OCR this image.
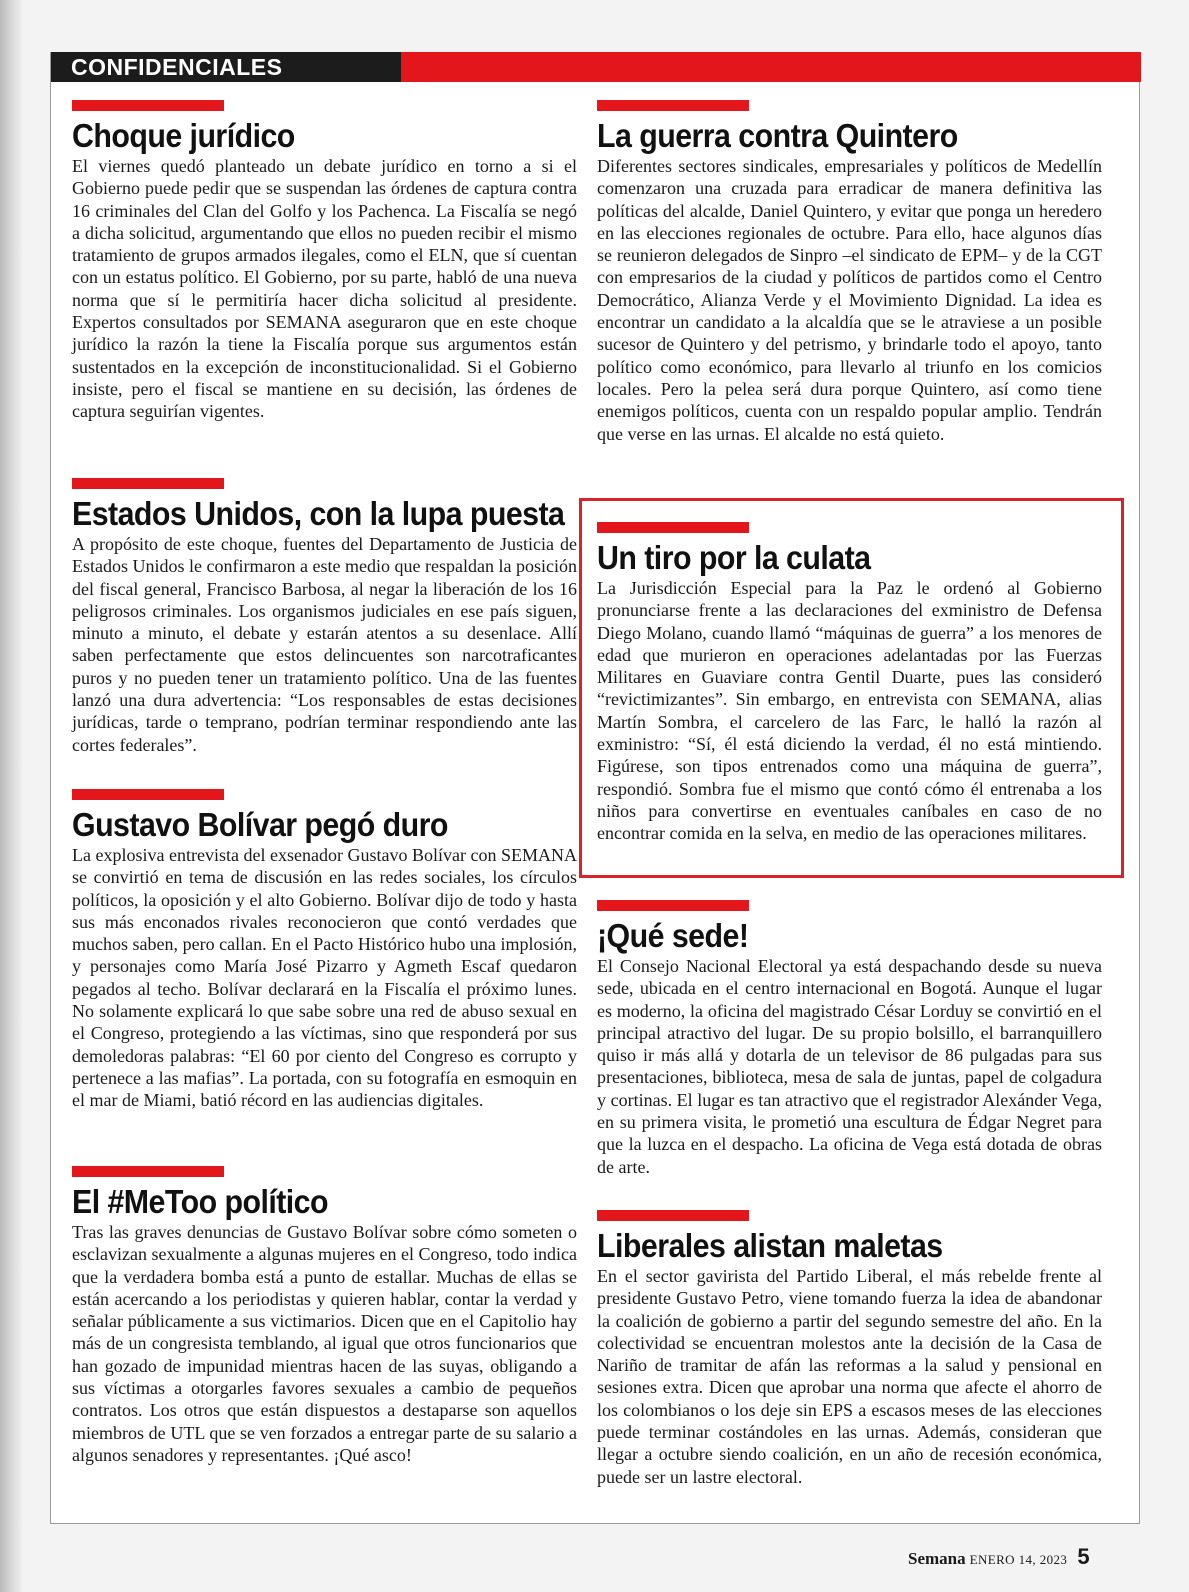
CONFIDENCIALES
Choque jurídico

El viernes quedó planteado un debate jurídico en torno a si el Gobierno puede pedir que se suspendan las órdenes de captura contra 16 criminales del Clan del Golfo y los Pachenca. La Fiscalía se negó a dicha solicitud, argumentando que ellos no pueden recibir el mismo tratamiento de grupos armados ilegales, como el ELN, que sí cuentan con un estatus político. El Gobierno, por su parte, habló de una nueva norma que sí le permitiría hacer dicha solicitud al presidente. Expertos consultados por SEMANA aseguraron que en este choque jurídico la razón la tiene la Fiscalía porque sus argumentos están sustentados en la excepción de inconstitucionalidad. Si el Gobierno insiste, pero el fiscal se mantiene en su decisión, las órdenes de captura seguirían vigentes.

Estados Unidos, con la lupa puesta

A propósito de este choque, fuentes del Departamento de Justicia de Estados Unidos le confirmaron a este medio que respaldan la posición del fiscal general, Francisco Barbosa, al negar la liberación de los 16 peligrosos criminales. Los organismos judiciales en ese país siguen, minuto a minuto, el debate y estarán atentos a su desenlace. Allí saben perfectamente que estos delincuentes son narcotraficantes puros y no pueden tener un tratamiento político. Una de las fuentes lanzó una dura advertencia: “Los responsables de estas decisiones jurídicas, tarde o temprano, podrían terminar respondiendo ante las cortes federales”.

Gustavo Bolívar pegó duro

La explosiva entrevista del exsenador Gustavo Bolívar con SEMANA se convirtió en tema de discusión en las redes sociales, los círculos políticos, la oposición y el alto Gobierno. Bolívar dijo de todo y hasta sus más enconados rivales reconocieron que contó verdades que muchos saben, pero callan. En el Pacto Histórico hubo una implosión, y personajes como María José Pizarro y Agmeth Escaf quedaron pegados al techo. Bolívar declarará en la Fiscalía el próximo lunes. No solamente explicará lo que sabe sobre una red de abuso sexual en el Congreso, protegiendo a las víctimas, sino que responderá por sus demoledoras palabras: “El 60 por ciento del Congreso es corrupto y pertenece a las mafias”. La portada, con su fotografía en esmoquin en el mar de Miami, batió récord en las audiencias digitales.

El #MeToo político

Tras las graves denuncias de Gustavo Bolívar sobre cómo someten o esclavizan sexualmente a algunas mujeres en el Congreso, todo indica que la verdadera bomba está a punto de estallar. Muchas de ellas se están acercando a los periodistas y quieren hablar, contar la verdad y señalar públicamente a sus victimarios. Dicen que en el Capitolio hay más de un congresista temblando, al igual que otros funcionarios que han gozado de impunidad mientras hacen de las suyas, obligando a sus víctimas a otorgarles favores sexuales a cambio de pequeños contratos. Los otros que están dispuestos a destaparse son aquellos miembros de UTL que se ven forzados a entregar parte de su salario a algunos senadores y representantes. ¡Qué asco!

La guerra contra Quintero

Diferentes sectores sindicales, empresariales y políticos de Medellín comenzaron una cruzada para erradicar de manera definitiva las políticas del alcalde, Daniel Quintero, y evitar que ponga un heredero en las elecciones regionales de octubre. Para ello, hace algunos días se reunieron delegados de Sinpro –el sindicato de EPM– y de la CGT con empresarios de la ciudad y políticos de partidos como el Centro Democrático, Alianza Verde y el Movimiento Dignidad. La idea es encontrar un candidato a la alcaldía que se le atraviese a un posible sucesor de Quintero y del petrismo, y brindarle todo el apoyo, tanto político como económico, para llevarlo al triunfo en los comicios locales. Pero la pelea será dura porque Quintero, así como tiene enemigos políticos, cuenta con un respaldo popular amplio. Tendrán que verse en las urnas. El alcalde no está quieto.

Un tiro por la culata

La Jurisdicción Especial para la Paz le ordenó al Gobierno pronunciarse frente a las declaraciones del exministro de Defensa Diego Molano, cuando llamó “máquinas de guerra” a los menores de edad que murieron en operaciones adelantadas por las Fuerzas Militares en Guaviare contra Gentil Duarte, pues las consideró “revictimizantes”. Sin embargo, en entrevista con SEMANA, alias Martín Sombra, el carcelero de las Farc, le halló la razón al exministro: “Sí, él está diciendo la verdad, él no está mintiendo. Figúrese, son tipos entrenados como una máquina de guerra”, respondió. Sombra fue el mismo que contó cómo él entrenaba a los niños para convertirse en eventuales caníbales en caso de no encontrar comida en la selva, en medio de las operaciones militares.

¡Qué sede!

El Consejo Nacional Electoral ya está despachando desde su nueva sede, ubicada en el centro internacional en Bogotá. Aunque el lugar es moderno, la oficina del magistrado César Lorduy se convirtió en el principal atractivo del lugar. De su propio bolsillo, el barranquillero quiso ir más allá y dotarla de un televisor de 86 pulgadas para sus presentaciones, biblioteca, mesa de sala de juntas, papel de colgadura y cortinas. El lugar es tan atractivo que el registrador Alexánder Vega, en su primera visita, le prometió una escultura de Édgar Negret para que la luzca en el despacho. La oficina de Vega está dotada de obras de arte.

Liberales alistan maletas

En el sector gavirista del Partido Liberal, el más rebelde frente al presidente Gustavo Petro, viene tomando fuerza la idea de abandonar la coalición de gobierno a partir del segundo semestre del año. En la colectividad se encuentran molestos ante la decisión de la Casa de Nariño de tramitar de afán las reformas a la salud y pensional en sesiones extra. Dicen que aprobar una norma que afecte el ahorro de los colombianos o los deje sin EPS a escasos meses de las elecciones puede terminar costándoles en las urnas. Además, consideran que llegar a octubre siendo coalición, en un año de recesión económica, puede ser un lastre electoral.

Semana ENERO 14, 2023 5
